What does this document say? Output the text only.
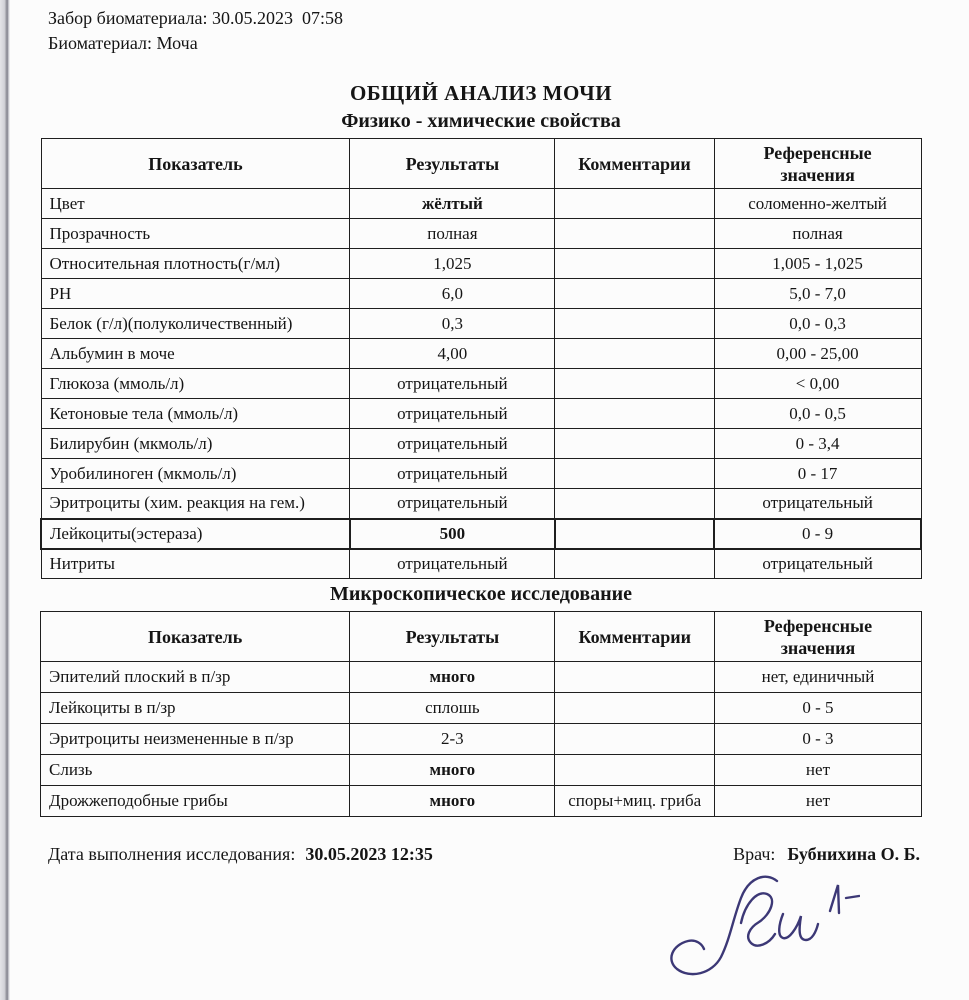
Забор биоматериала: 30.05.2023  07:58
Биоматериал: Моча
ОБЩИЙ АНАЛИЗ МОЧИ
Физико - химические свойства
Показатель	Результаты	Комментарии	Референсные значения
Цвет	жёлтый		соломенно-желтый
Прозрачность	полная		полная
Относительная плотность(г/мл)	1,025		1,005 - 1,025
PH	6,0		5,0 - 7,0
Белок (г/л)(полуколичественный)	0,3		0,0 - 0,3
Альбумин в моче	4,00		0,00 - 25,00
Глюкоза (ммоль/л)	отрицательный		< 0,00
Кетоновые тела (ммоль/л)	отрицательный		0,0 - 0,5
Билирубин (мкмоль/л)	отрицательный		0 - 3,4
Уробилиноген (мкмоль/л)	отрицательный		0 - 17
Эритроциты (хим. реакция на гем.)	отрицательный		отрицательный
Лейкоциты(эстераза)	500		0 - 9
Нитриты	отрицательный		отрицательный
Микроскопическое исследование
Показатель	Результаты	Комментарии	Референсные значения
Эпителий плоский в п/зр	много		нет, единичный
Лейкоциты в п/зр	сплошь		0 - 5
Эритроциты неизмененные в п/зр	2-3		0 - 3
Слизь	много		нет
Дрожжеподобные грибы	много	споры+миц. гриба	нет
Дата выполнения исследования: 30.05.2023 12:35	Врач: Бубнихина О. Б.
